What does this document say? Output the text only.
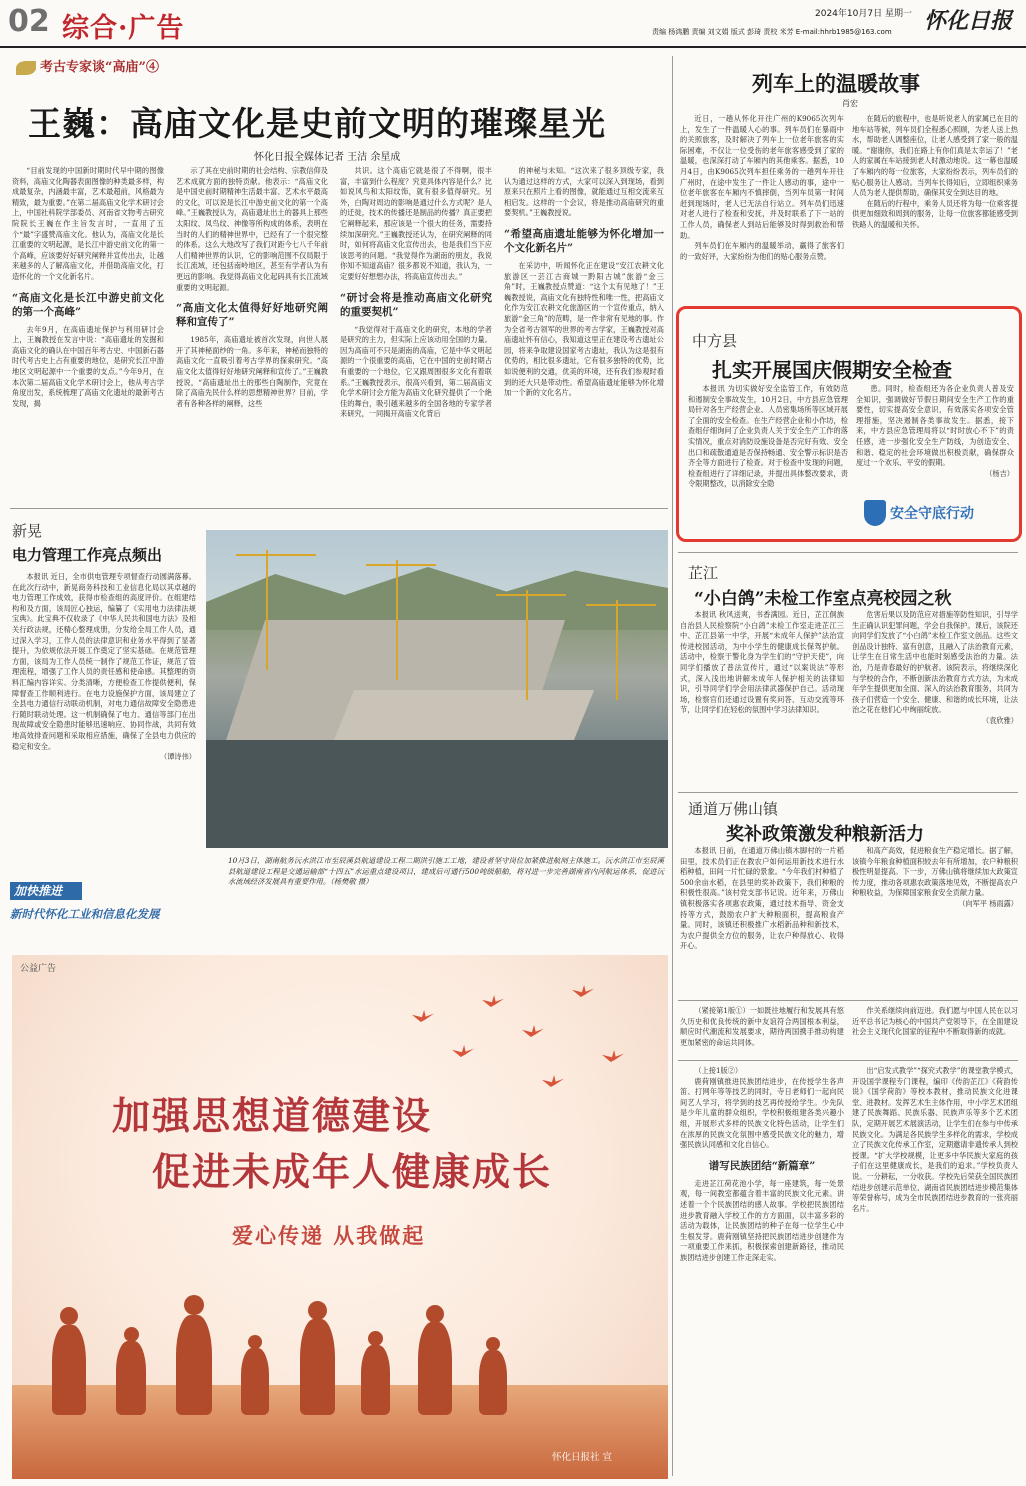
02 综合·广告	2024年10月7日 星期一
责编 杨鸿鹏 责编 刘文娟 版式 彭琦 责校 米芳 E-mail:hhrb1985@163.com 怀化日报
考古专家谈“高庙”④
王巍：高庙文化是史前文明的璀璨星光
怀化日报全媒体记者 王洁 余星成

“目前发现的中国新时期时代早中期的图像资料，高庙文化陶器表面图像的种类最多样，构成最复杂，内涵最丰富，艺术最超前，风格最为精致，最为重要。”在第二届高庙文化学术研讨会上，中国社科院学部委员、河南省文物考古研究院院长王巍在作主旨发言时，一直用了五个“最”字盛赞高庙文化。他认为，高庙文化是长江重要的文明起源，是长江中游史前文化的第一个高峰，应该要好好研究阐释并宣传出去，让越来越多的人了解高庙文化，并借助高庙文化，打造怀化的一个文化新名片。

“高庙文化是长江中游史前文化的第一个高峰”

去年9月，在高庙遗址保护与利用研讨会上，王巍教授在发言中说：“高庙遗址的发掘和高庙文化的确认在中国百年考古史、中国新石器时代考古史上占有重要的地位，是研究长江中游地区文明起源中一个重要的支点。”今年9月，在本次第二届高庙文化学术研讨会上，他从考古学角度出发，系统梳理了高庙文化遗址的最新考古发现，揭

示了其在史前时期的社会结构、宗教信仰及艺术成就方面的独特贡献。他表示：“高庙文化是中国史前时期精神生活最丰富、艺术水平最高的文化，可以说是长江中游史前文化的第一个高峰。”王巍教授认为，高庙遗址出土的器具上那些太阳纹、凤鸟纹、神像等所构成的体系，表明在当时的人们的精神世界中，已经有了一个很完整的体系。这么大地改写了我们对距今七八千年前人们精神世界的认识，它的影响范围不仅局限于长江流域，还包括南岭地区，甚至有学者认为有更远的影响。我觉得高庙文化起码具有长江流域重要的文明起源。

“高庙文化太值得好好地研究阐释和宣传了”

1985年，高庙遗址被首次发现，向世人展开了其神秘面纱的一角。多年来，神秘而独特的高庙文化一直吸引着考古学界的探索研究。“高庙文化太值得好好地研究阐释和宣传了。”王巍教授说，“高庙遗址出土的那些白陶制作，究竟在除了高庙先民什么样的思想精神世界？目前，学者有各种各样的阐释，这些

共识。这个高庙它就是很了不得啊，很丰富，丰富到什么程度？究竟具体内容是什么？比如说风鸟和太阳纹饰，就有很多值得研究。另外，白陶对周边的影响是通过什么方式呢？是人的迁徙，技术的传播还是制品的传播？真正要把它阐释起来，那应该是一个很大的任务，需要持续加深研究。”王巍教授还认为，在研究阐释的同时，如何将高庙文化宣传出去，也是我们当下应该思考的问题。“我觉得作为湖南的朋友，我说你知不知道高庙？很多都说不知道，我认为，一定要好好想想办法，将高庙宣传出去。”

“研讨会将是推动高庙文化研究的重要契机”

“我觉得对于高庙文化的研究，本地的学者是研究的主力，但实际上应该动用全国的力量。因为高庙可不只是湖南的高庙，它是中华文明起源的一个很重要的高庙，它在中国的史前时期占有重要的一个地位，它又跟周围很多文化有着联系。”王巍教授表示，很高兴看到，第二届高庙文化学术研讨会方能为高庙文化研究提供了一个絶佳的舞台，吸引越来越多的全国各地的专家学者来研究，一同揭开高庙文化背后

的神秘与未知。“这次来了很多顶级专家，我认为通过这样的方式，大家可以深入到现场，看到原来只在照片上看的图像，就能通过互相交流来互相启发。这样的一个会议，将是推动高庙研究的重要契机。”王巍教授说。

“希望高庙遗址能够为怀化增加一个文化新名片”

在采访中，听闻怀化正在建设“安江农耕文化旅游区一芸江古商城一黔阳古城”旅游“金三角”时，王巍教授点赞道：“这个太有见地了！”王巍教授说，高庙文化有独特性和唯一性，把高庙文化作为安江农耕文化旅游区的一个宣传重点，纳入旅游“金三角”的范畴，是一件非常有见地的事。作为全省考古领军的世界的考古学家，王巍教授对高庙遗址怀有信心，我知道这里正在建设考古遗址公园，将来争取建设国家考古遗址，我认为这是很有优势的，相比很多遗址，它有很多独特的优势，比如说便利的交通，优美的环境，还有我们参观时看到的还大只是带动性。希望高庙遗址能够为怀化增加一个新的文化名片。

列车上的温暖故事
肖宏

近日，一趟从怀化开往广州的K9065次列车上，发生了一件温暖人心的事。列车员们在暴雨中的关照旅客，及时解决了列车上一位老年旅客的实际困难，不仅让一位受伤的老年旅客感受到了家的温暖，也深深打动了车厢内的其他乘客。据悉，10月4日，由K9065次列车担任乘务的一趟列车开往广州时，在途中发生了一件让人感动的事，途中一位老年旅客在车厢内不慎摔倒，当列车员第一时间赶到现场时，老人已无法自行站立。列车员们迅速对老人进行了检查和安抚，并及时联系了下一站的工作人员，确保老人到站后能够及时得到救治和帮助。

列车员们在车厢内的温暖举动，赢得了旅客们的一致好评，大家纷纷为他们的贴心服务点赞。

在随后的旅程中，也是听说老人的家属已在目的地车站等候，列车员们全程悉心照顾，为老人送上热水，帮助老人调整座位，让老人感受到了家一般的温暖。“谢谢你，我们在路上有你们真是太幸运了！”老人的家属在车站接到老人时激动地说。这一幕也温暖了车厢内的每一位旅客，大家纷纷表示，列车员们的贴心服务让人感动。当列车长得知后，立即组织乘务人员为老人提供帮助，确保其安全到达目的地。

在随后的行程中，乘务人员还将为每一位乘客提供更加细致和周到的服务，让每一位旅客都能感受到铁路人的温暖和关怀。

中方县
扎实开展国庆假期安全检查

本报讯 为切实做好安全监管工作，有效防范和遏制安全事故发生，10月2日，中方县应急管理局针对各生产经营企业、人员密集场所等区域开展了全面的安全检查。在生产经营企业和小作坊，检查组仔细询问了企业负责人关于安全生产工作的落实情况，重点对消防设施设备是否完好有效、安全出口和疏散通道是否保持畅通、安全警示标识是否齐全等方面进行了检查。对于检查中发现的问题，检查组进行了详细记录，并提出具体整改要求，责令限期整改，以消除安全隐

患。同时，检查组还为各企业负责人普及安全知识，强调做好节假日期间安全生产工作的重要性，切实提高安全意识，有效落实各项安全管理措施，坚决遏制各类事故发生。据悉，接下来，中方县应急管理局将以“时时放心不下”的责任感，进一步强化安全生产防线，为创造安全、和谐、稳定的社会环境做出积极贡献，确保群众度过一个欢乐、平安的假期。

（杨吉）

安全守底行动
新晃
电力管理工作亮点频出

本报讯 近日，全市供电管理专项督查行动圆满落幕。在此次行动中，新晃商务科技和工业信息化局以其卓越的电力管理工作成效，获得市检查组的高度评价。在组建结构和及方面，该局匠心独运，编纂了《实用电力法律法规宝典》。此宝典不仅收录了《中华人民共和国电力法》及相关行政法规，还精心整理成册，分发给全局工作人员，通过深入学习，工作人员的法律意识和业务水平得到了显著提升，为依规依法开展工作奠定了坚实基础。在规范管理方面，该局为工作人员统一制作了规范工作证，规范了管理流程，增强了工作人员的责任感和使命感。其整理的资料汇编内容详实、分类清晰，方便检查工作提供便利，保障督查工作顺利进行。在电力设施保护方面，该局建立了全县电力通信行动联动机制，对电力通信故障安全隐患进行随时联动处理。这一机制确保了电力、通信等部门在出现故障或安全隐患时能够迅速响应、协同作战，共同有效地高效排查问题和采取相应措施，确保了全县电力供应的稳定和安全。

（谭诗伟）

10月3日，湖南航务沅水洪江市至辰溪县航道建设工程二期洪引施工工地，建设者坚守岗位加紧推进航闸主体施工。沅水洪江市至辰溪县航道建设工程是交通运输部“十四五”水运重点建设项目，建成后可通行500吨级船舶，将对进一步完善湖南省内河航运体系，促进沅水流域经济发展具有重要作用。（杨樊敬 摄）
加快推进
新时代怀化工业和信息化发展
芷江
“小白鸽”未检工作室点亮校园之秋

本报讯 秋风送爽，书香满园。近日，芷江侗族自治县人民检察院“小白鸽”未检工作室走进芷江三中、芷江县第一中学，开展“未成年人保护”法治宣传进校园活动，为中小学生的健康成长保驾护航。活动中，检察干警化身为学生们的“守护天使”，向同学们播放了普法宣传片，通过“以案说法”等形式，深入浅出地讲解未成年人保护相关的法律知识，引导同学们学会用法律武器保护自己。活动现场，检察官们还通过设置有奖问答、互动交流等环节，让同学们在轻松的氛围中学习法律知识。

危害后果以及防范应对措施等防性知识，引导学生正确认识犯罪问题，学会自我保护。课后，该院还向同学们发放了“小白鸽”未检工作室文创品。这些文创品设计独特、富有创意，且融入了法治教育元素，让学生在日常生活中也能时刻感受法治的力量。法治，乃是青春最好的护航者。该院表示，将继续深化与学校的合作，不断创新法治教育方式方法，为未成年学生提供更加全面、深入的法治教育服务，共同为孩子们营造一个安全、健康、和谐的成长环境，让法治之花在他们心中绚丽绽放。

（袁欣雅）

通道万佛山镇
奖补政策激发种粮新活力

本报讯 日前，在通道万佛山镇木脚村的一片稻田里，技术员们正在教农户如何运用新技术进行水稻种植，田间一片忙碌的景象。“今年我们村种植了500余亩水稻，在县里的奖补政策下，我们种粮的积极性很高。”该村党支部书记说。近年来，万佛山镇积极落实各项惠农政策，通过技术指导、资金支持等方式，鼓励农户扩大种粮面积，提高粮食产量。同时，该镇还积极推广水稻新品种和新技术，为农户提供全方位的服务，让农户种得放心、收得开心。

和高产高效，促进粮食生产稳定增长。据了解，该镇今年粮食种植面积较去年有所增加，农户种粮积极性明显提高。下一步，万佛山镇将继续加大政策宣传力度，推动各项惠农政策落地见效，不断提高农户种粮收益，为保障国家粮食安全贡献力量。

（向军平 杨雨露）

（紧接第1版①）一如既往地履行和发展具有悠久历史和优良传统的新中友谊符合两国根本利益，顺应时代潮流和发展要求，期待两国携手推动构建更加紧密的命运共同体。

作关系继续向前迈进。我们愿与中国人民在以习近平总书记为核心的中国共产党领导下，在全面建设社会主义现代化国家的征程中不断取得新的成就。

（上接1版②）

鹿荷刚镇推进民族团结进步，在传授学生各声笛、打网年等等技艺的同时，寺日老师们一起向民间艺人学习，将学到的技艺再传授给学生。少先队是少年儿童的群众组织，学校积极组建各类兴趣小组，开展形式多样的民族文化特色活动，让学生们在浓厚的民族文化氛围中感受民族文化的魅力，增强民族认同感和文化自信心。

谱写民族团结“新篇章”

走进芷江荷花池小学，每一座建筑，每一处景观，每一间教室都蕴含着丰富的民族文化元素。讲述着一个个民族团结的感人故事。学校把民族团结进步教育融入学校工作的方方面面，以丰富多彩的活动为载体，让民族团结的种子在每一位学生心中生根发芽。鹿荷刚镇坚持把民族团结进步创建作为一项重要工作来抓，积极探索创建新路径，推动民族团结进步创建工作走深走实。

出“启发式教学”“探究式教学”的课堂教学模式，开设国学课程专门课程，编印《传韵芷江》《荷韵传说》《国学荷韵》等校本教材，推动民族文化进课堂、进教材。发挥艺术生主体作用，中小学艺术团组建了民族舞蹈、民族乐器、民族声乐等多个艺术团队，定期开展艺术展演活动，让学生们在参与中传承民族文化。为满足各民族学生多样化的需求，学校成立了民族文化传承工作室，定期邀请非遗传承人到校授课。“扩大学校规模，让更多中华民族大家庭的孩子们在这里健康成长，是我们的追求。”学校负责人说。一分耕耘，一分收获。学校先后荣获全国民族团结进步创建示范单位、湖南省民族团结进步模范集体等荣誉称号，成为全市民族团结进步教育的一张亮丽名片。

公益广告
加强思想道德建设
促进未成年人健康成长
爱心传递 从我做起
怀化日报社 宣
